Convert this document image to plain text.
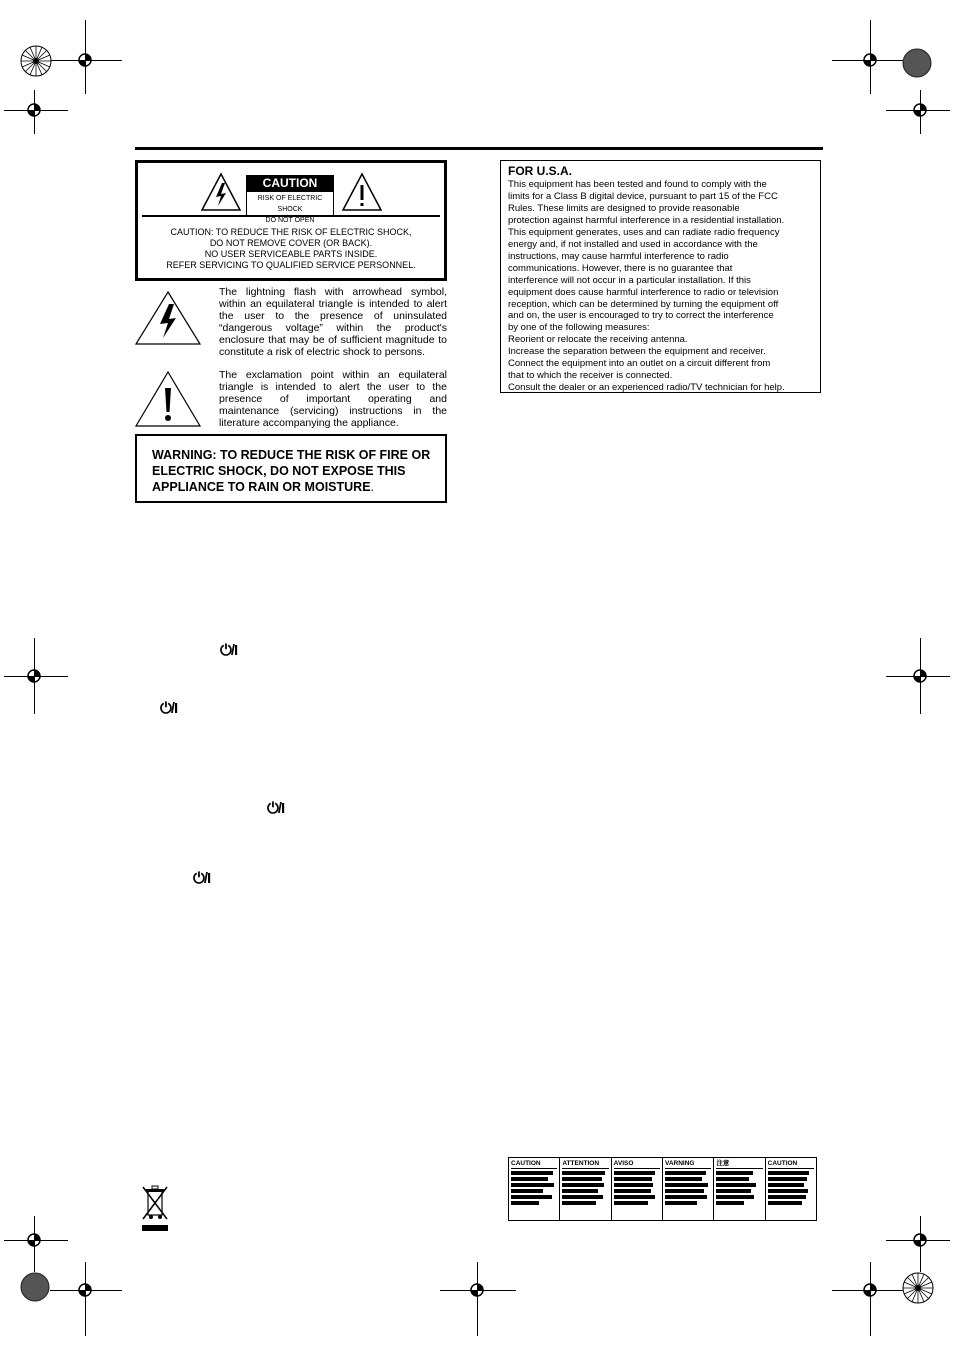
CAUTION
RISK OF ELECTRIC SHOCK
DO NOT OPEN
CAUTION: TO REDUCE THE RISK OF ELECTRIC SHOCK,
DO NOT REMOVE COVER (OR BACK).
NO USER SERVICEABLE PARTS INSIDE.
REFER SERVICING TO QUALIFIED SERVICE PERSONNEL.
The lightning flash with arrowhead symbol, within an equilateral triangle is intended to alert the user to the presence of uninsulated “dangerous voltage” within the product's enclosure that may be of sufficient magnitude to constitute a risk of electric shock to persons.
The exclamation point within an equilateral triangle is intended to alert the user to the presence of important operating and maintenance (servicing) instructions in the literature accompanying the appliance.
WARNING: TO REDUCE THE RISK OF FIRE OR ELECTRIC SHOCK, DO NOT EXPOSE THIS APPLIANCE TO RAIN OR MOISTURE.
FOR U.S.A.
This equipment has been tested and found to comply with the
limits for a Class B digital device, pursuant to part 15 of the FCC
Rules. These limits are designed to provide reasonable
protection against harmful interference in a residential installation.
This equipment generates, uses and can radiate radio frequency
energy and, if not installed and used in accordance with the
instructions, may cause harmful interference to radio
communications. However, there is no guarantee that
interference will not occur in a particular installation. If this
equipment does cause harmful interference to radio or television
reception, which can be determined by turning the equipment off
and on, the user is encouraged to try to correct the interference
by one of the following measures:
Reorient or relocate the receiving antenna.
Increase the separation between the equipment and receiver.
Connect the equipment into an outlet on a circuit different from
that to which the receiver is connected.
Consult the dealer or an experienced radio/TV technician for help.
⏻/I
⏻/I
⏻/I
⏻/I
CAUTION	ATTENTION	AVISO	VARNING	注意	CAUTION
